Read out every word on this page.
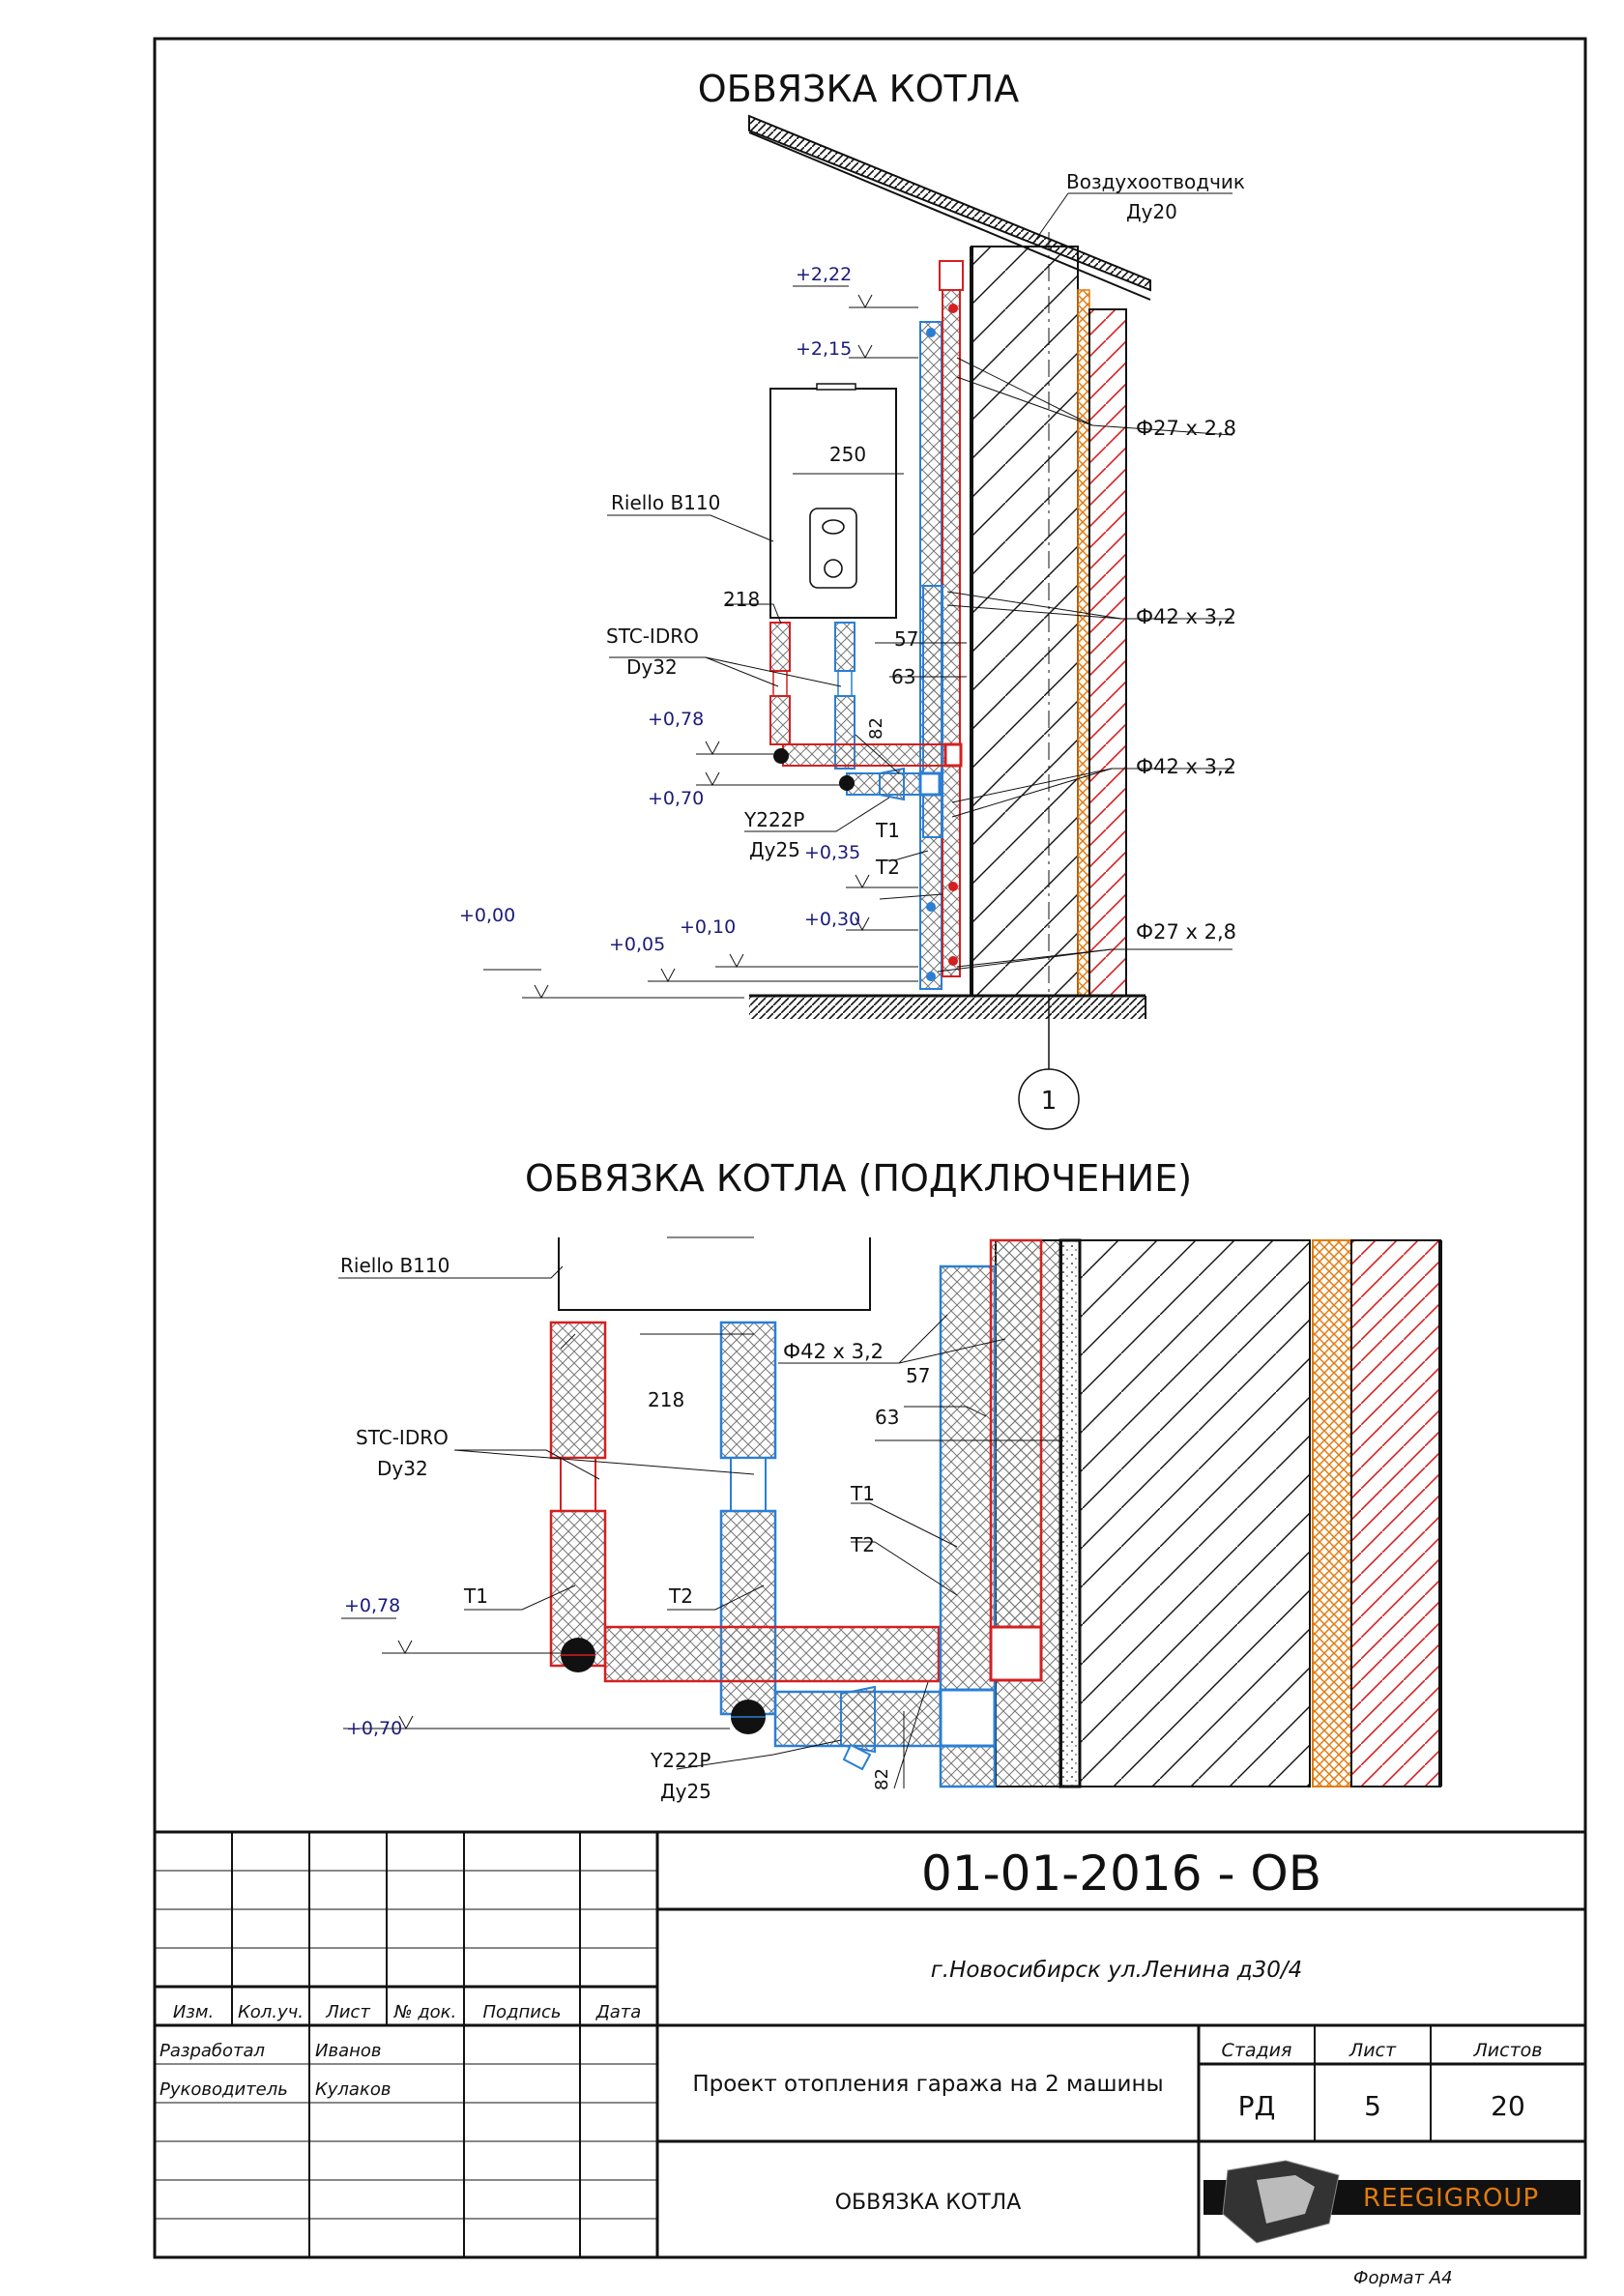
ОБВЯЗКА КОТЛА
1
250
Riello B110
+2,22
+2,15
+0,78
+0,70
+0,35
+0,30
+0,10
+0,05
+0,00
Воздухоотводчик
Ду20
Ф27 x 2,8
Ф42 x 3,2
Ф42 x 3,2
Ф27 x 2,8
STC-IDRO
Dy32
218
57
63
82
Y222P
Ду25
T1
T2
ОБВЯЗКА КОТЛА (ПОДКЛЮЧЕНИЕ)
Riello B110
+0,78
+0,70
Ф42 x 3,2
218
57
63
STC-IDRO
Dy32
T1	T2
T1
T2
Y222P
Ду25
82
01-01-2016 - ОВ
г.Новосибирск ул.Ленина д30/4
Проект отопления гаража на 2 машины
ОБВЯЗКА КОТЛА
Изм. Кол.уч. Лист № док. Подпись Дата
Разработал	Иванов
Руководитель Кулаков
Стадия	Лист	Листов
РД	5	20
REEGIGROUP
Формат А4
